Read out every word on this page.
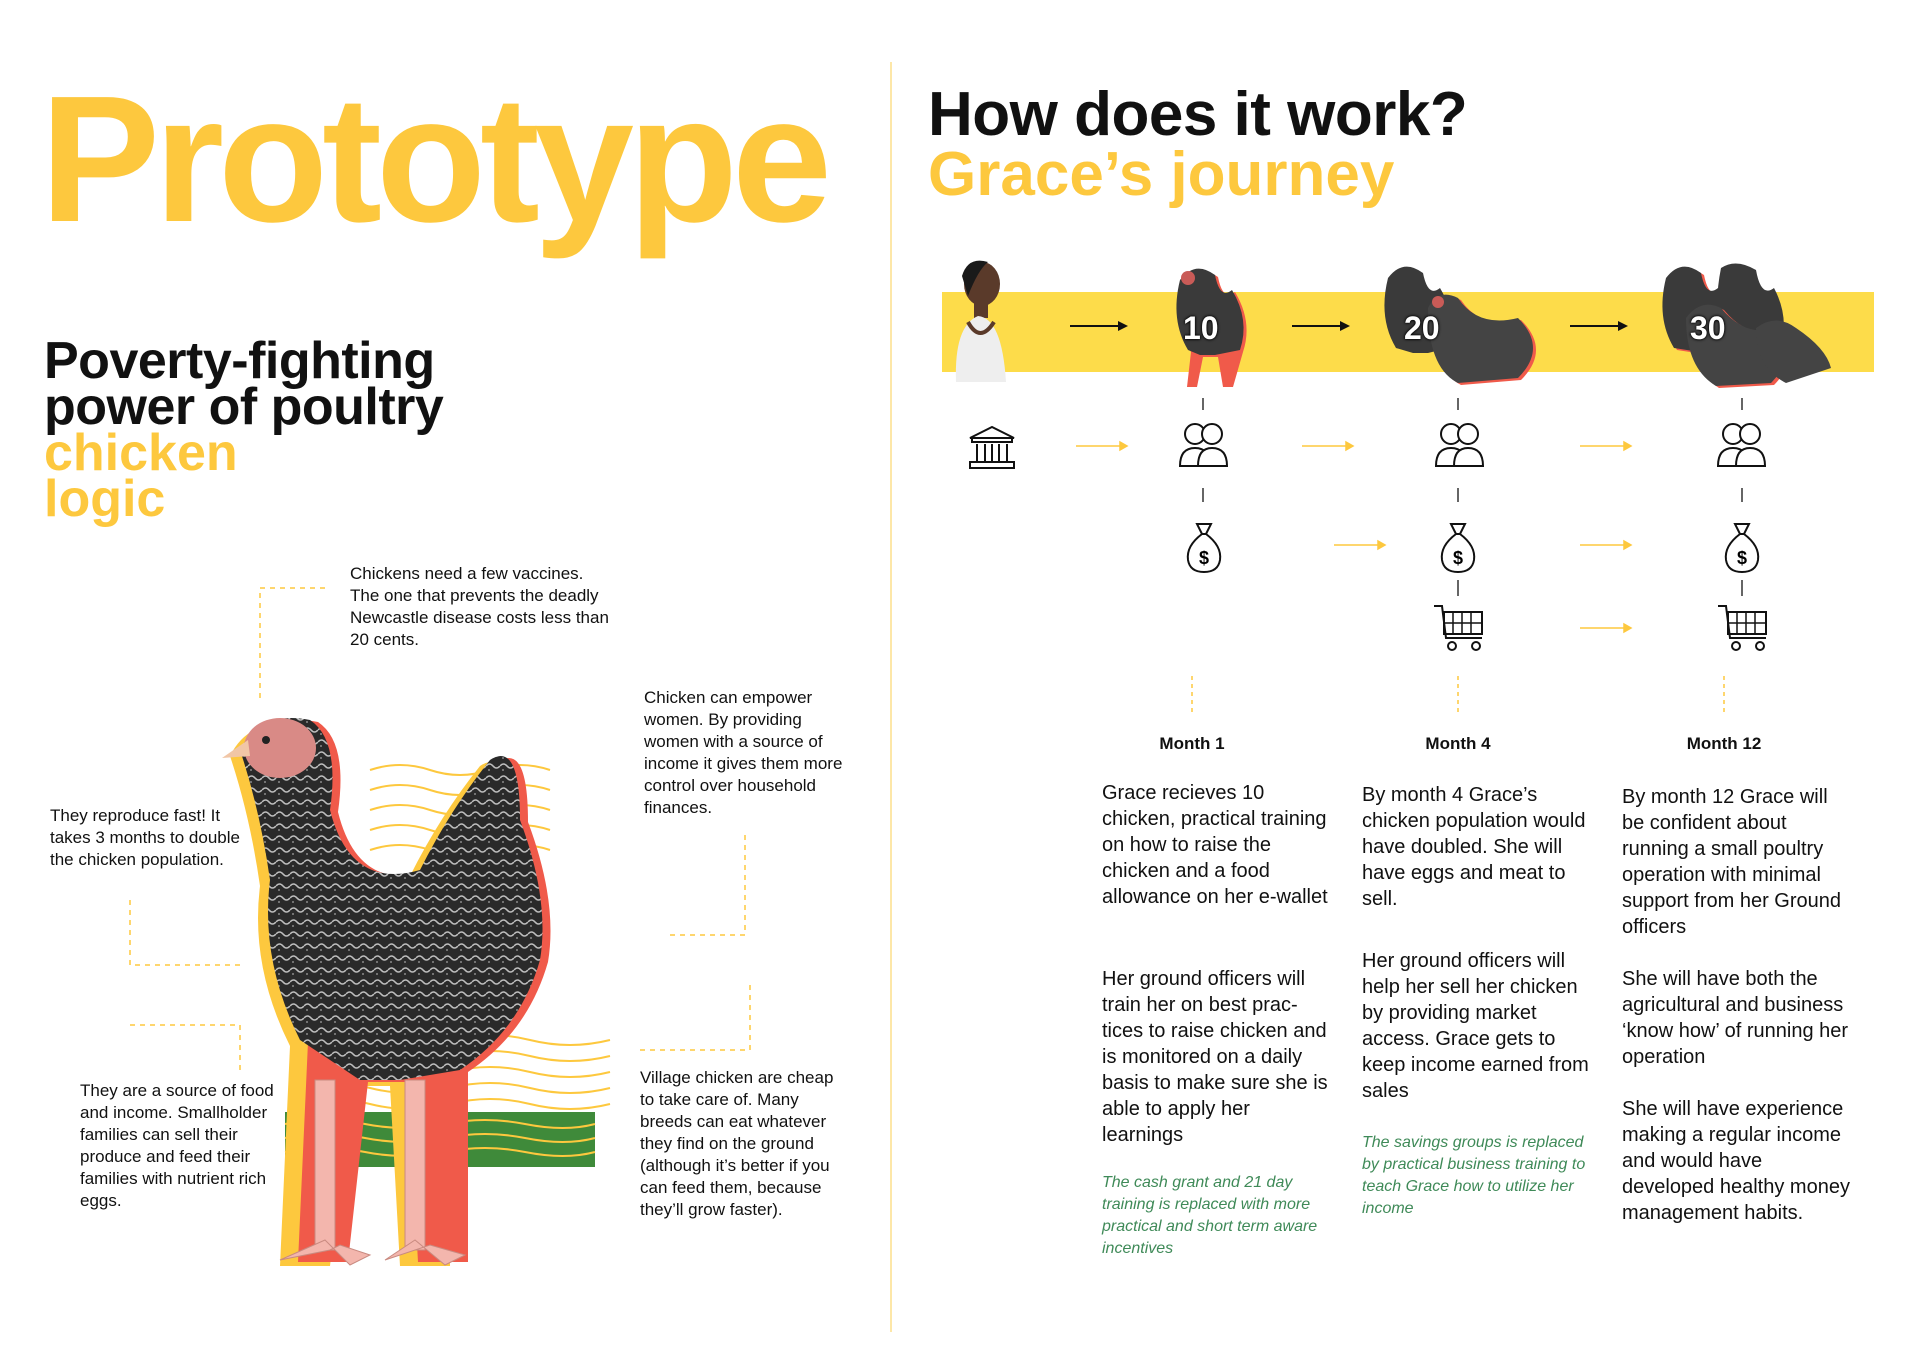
Prototype
Poverty-fighting
power of poultry
chicken
logic
Chickens need a few vaccines. The one that prevents the deadly Newcastle disease costs less than 20 cents.
Chicken can empower women. By providing women with a source of income it gives them more control over household finances.
They reproduce fast! It takes 3 months to double the chicken population.
They are a source of food and income. Smallholder families can sell their produce and feed their families with nutrient rich eggs.
Village chicken are cheap to take care of. Many breeds can eat whatever they find on the ground (although it’s better if you can feed them, because they’ll grow faster).
How does it work?
Grace’s journey
10	20	30
$	$	$
Month 1	Month 4	Month 12
Grace recieves 10 chicken, practical training on how to raise the chicken and a food allowance on her e-wallet
Her ground officers will train her on best prac-tices to raise chicken and is monitored on a daily basis to make sure she is able to apply her learnings
The cash grant and 21 day training is replaced with more practical and short term aware incentives
By month 4 Grace’s chicken population would have doubled. She will have eggs and meat to sell.
Her ground officers will help her sell her chicken by providing market access. Grace gets to keep income earned from sales
The savings groups is replaced by practical business training to teach Grace how to utilize her income
By month 12 Grace will be confident about running a small poultry operation with minimal support from her Ground officers
She will have both the agricultural and business ‘know how’ of running her operation
She will have experience making a regular income and would have developed healthy money management habits.
